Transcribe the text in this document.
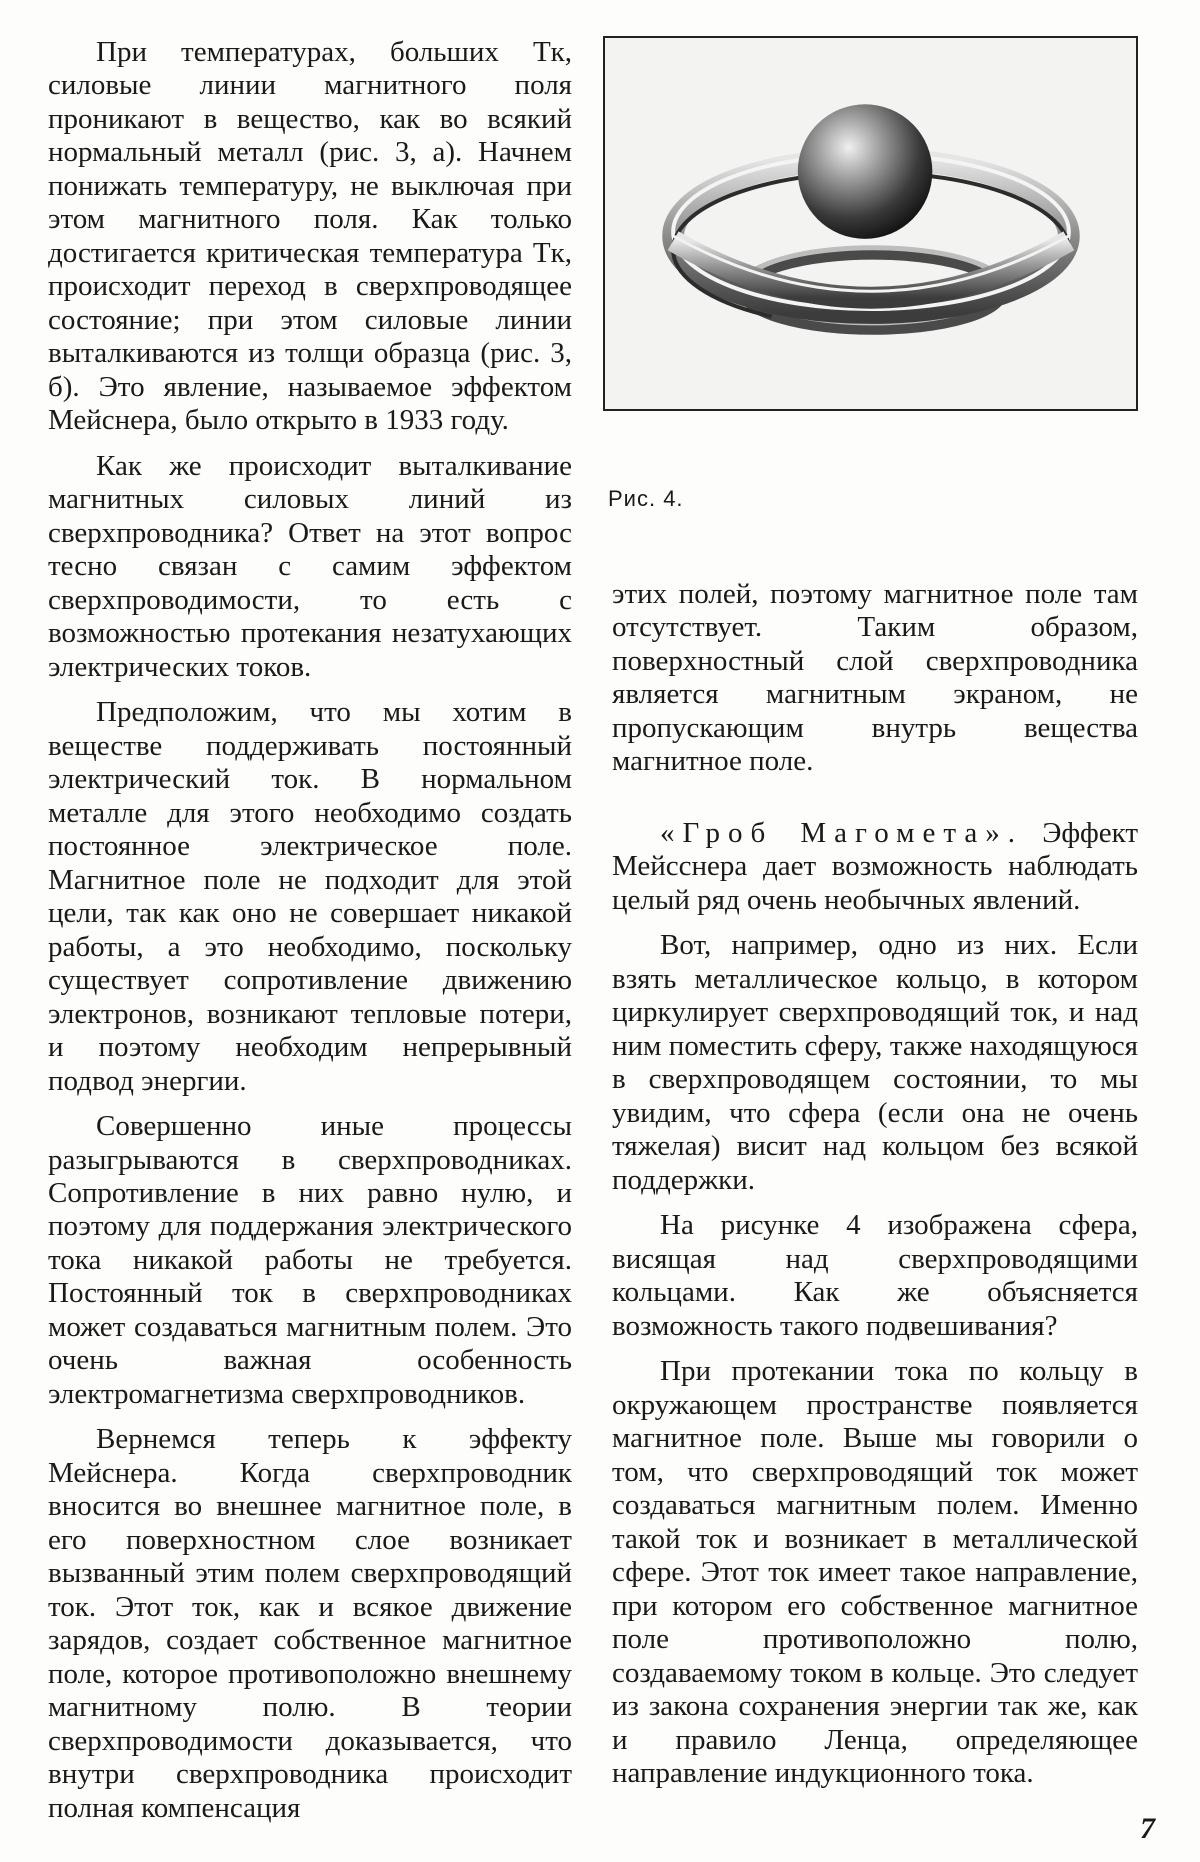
При температурах, больших Tк, силовые линии магнитного поля проникают в вещество, как во всякий нормальный металл (рис. 3, а). Начнем понижать температуру, не выключая при этом магнитного поля. Как только достигается критическая температура Tк, происходит переход в сверхпроводящее состояние; при этом силовые линии выталкиваются из толщи образца (рис. 3, б). Это явление, называемое эффектом Мейснера, было открыто в 1933 году.

Как же происходит выталкивание магнитных силовых линий из сверхпроводника? Ответ на этот вопрос тесно связан с самим эффектом сверхпроводимости, то есть с возможностью протекания незатухающих электрических токов.

Предположим, что мы хотим в веществе поддерживать постоянный электрический ток. В нормальном металле для этого необходимо создать постоянное электрическое поле. Магнитное поле не подходит для этой цели, так как оно не совершает никакой работы, а это необходимо, поскольку существует сопротивление движению электронов, возникают тепловые потери, и поэтому необходим непрерывный подвод энергии.

Совершенно иные процессы разыгрываются в сверхпроводниках. Сопротивление в них равно нулю, и поэтому для поддержания электрического тока никакой работы не требуется. Постоянный ток в сверхпроводниках может создаваться магнитным полем. Это очень важная особенность электромагнетизма сверхпроводников.

Вернемся теперь к эффекту Мейснера. Когда сверхпроводник вносится во внешнее магнитное поле, в его поверхностном слое возникает вызванный этим полем сверхпроводящий ток. Этот ток, как и всякое движение зарядов, создает собственное магнитное поле, которое противоположно внешнему магнитному полю. В теории сверхпроводимости доказывается, что внутри сверхпроводника происходит полная компенсация

Рис. 4.

этих полей, поэтому магнитное поле там отсутствует. Таким образом, поверхностный слой сверхпроводника является магнитным экраном, не пропускающим внутрь вещества магнитное поле.

«Гроб Магомета». Эффект Мейсснера дает возможность наблюдать целый ряд очень необычных явлений.

Вот, например, одно из них. Если взять металлическое кольцо, в котором циркулирует сверхпроводящий ток, и над ним поместить сферу, также находящуюся в сверхпроводящем состоянии, то мы увидим, что сфера (если она не очень тяжелая) висит над кольцом без всякой поддержки.

На рисунке 4 изображена сфера, висящая над сверхпроводящими кольцами. Как же объясняется возможность такого подвешивания?

При протекании тока по кольцу в окружающем пространстве появляется магнитное поле. Выше мы говорили о том, что сверхпроводящий ток может создаваться магнитным полем. Именно такой ток и возникает в металлической сфере. Этот ток имеет такое направление, при котором его собственное магнитное поле противоположно полю, создаваемому током в кольце. Это следует из закона сохранения энергии так же, как и правило Ленца, определяющее направление индукционного тока.

7
